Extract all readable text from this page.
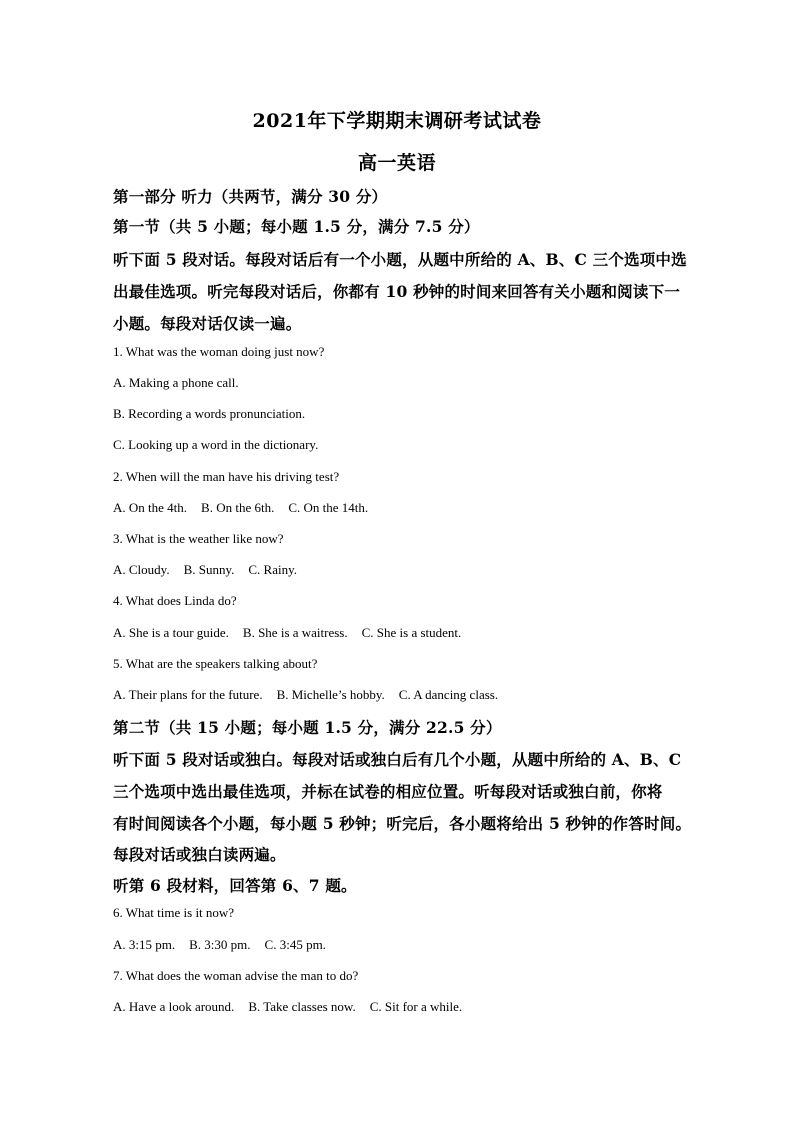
2021年下学期期末调研考试试卷
高一英语
第一部分 听力（共两节，满分 30 分）
第一节（共 5 小题；每小题 1.5 分，满分 7.5 分）
听下面 5 段对话。每段对话后有一个小题，从题中所给的 A、B、C 三个选项中选
出最佳选项。听完每段对话后，你都有 10 秒钟的时间来回答有关小题和阅读下一
小题。每段对话仅读一遍。
1. What was the woman doing just now?
A. Making a phone call.
B. Recording a words pronunciation.
C. Looking up a word in the dictionary.
2. When will the man have his driving test?
A. On the 4th. B. On the 6th. C. On the 14th.
3. What is the weather like now?
A. Cloudy. B. Sunny. C. Rainy.
4. What does Linda do?
A. She is a tour guide. B. She is a waitress. C. She is a student.
5. What are the speakers talking about?
A. Their plans for the future. B. Michelle’s hobby. C. A dancing class.
第二节（共 15 小题；每小题 1.5 分，满分 22.5 分）
听下面 5 段对话或独白。每段对话或独白后有几个小题，从题中所给的 A、B、C
三个选项中选出最佳选项，并标在试卷的相应位置。听每段对话或独白前，你将
有时间阅读各个小题，每小题 5 秒钟；听完后，各小题将给出 5 秒钟的作答时间。
每段对话或独白读两遍。
听第 6 段材料，回答第 6、7 题。
6. What time is it now?
A. 3:15 pm. B. 3:30 pm. C. 3:45 pm.
7. What does the woman advise the man to do?
A. Have a look around. B. Take classes now. C. Sit for a while.
